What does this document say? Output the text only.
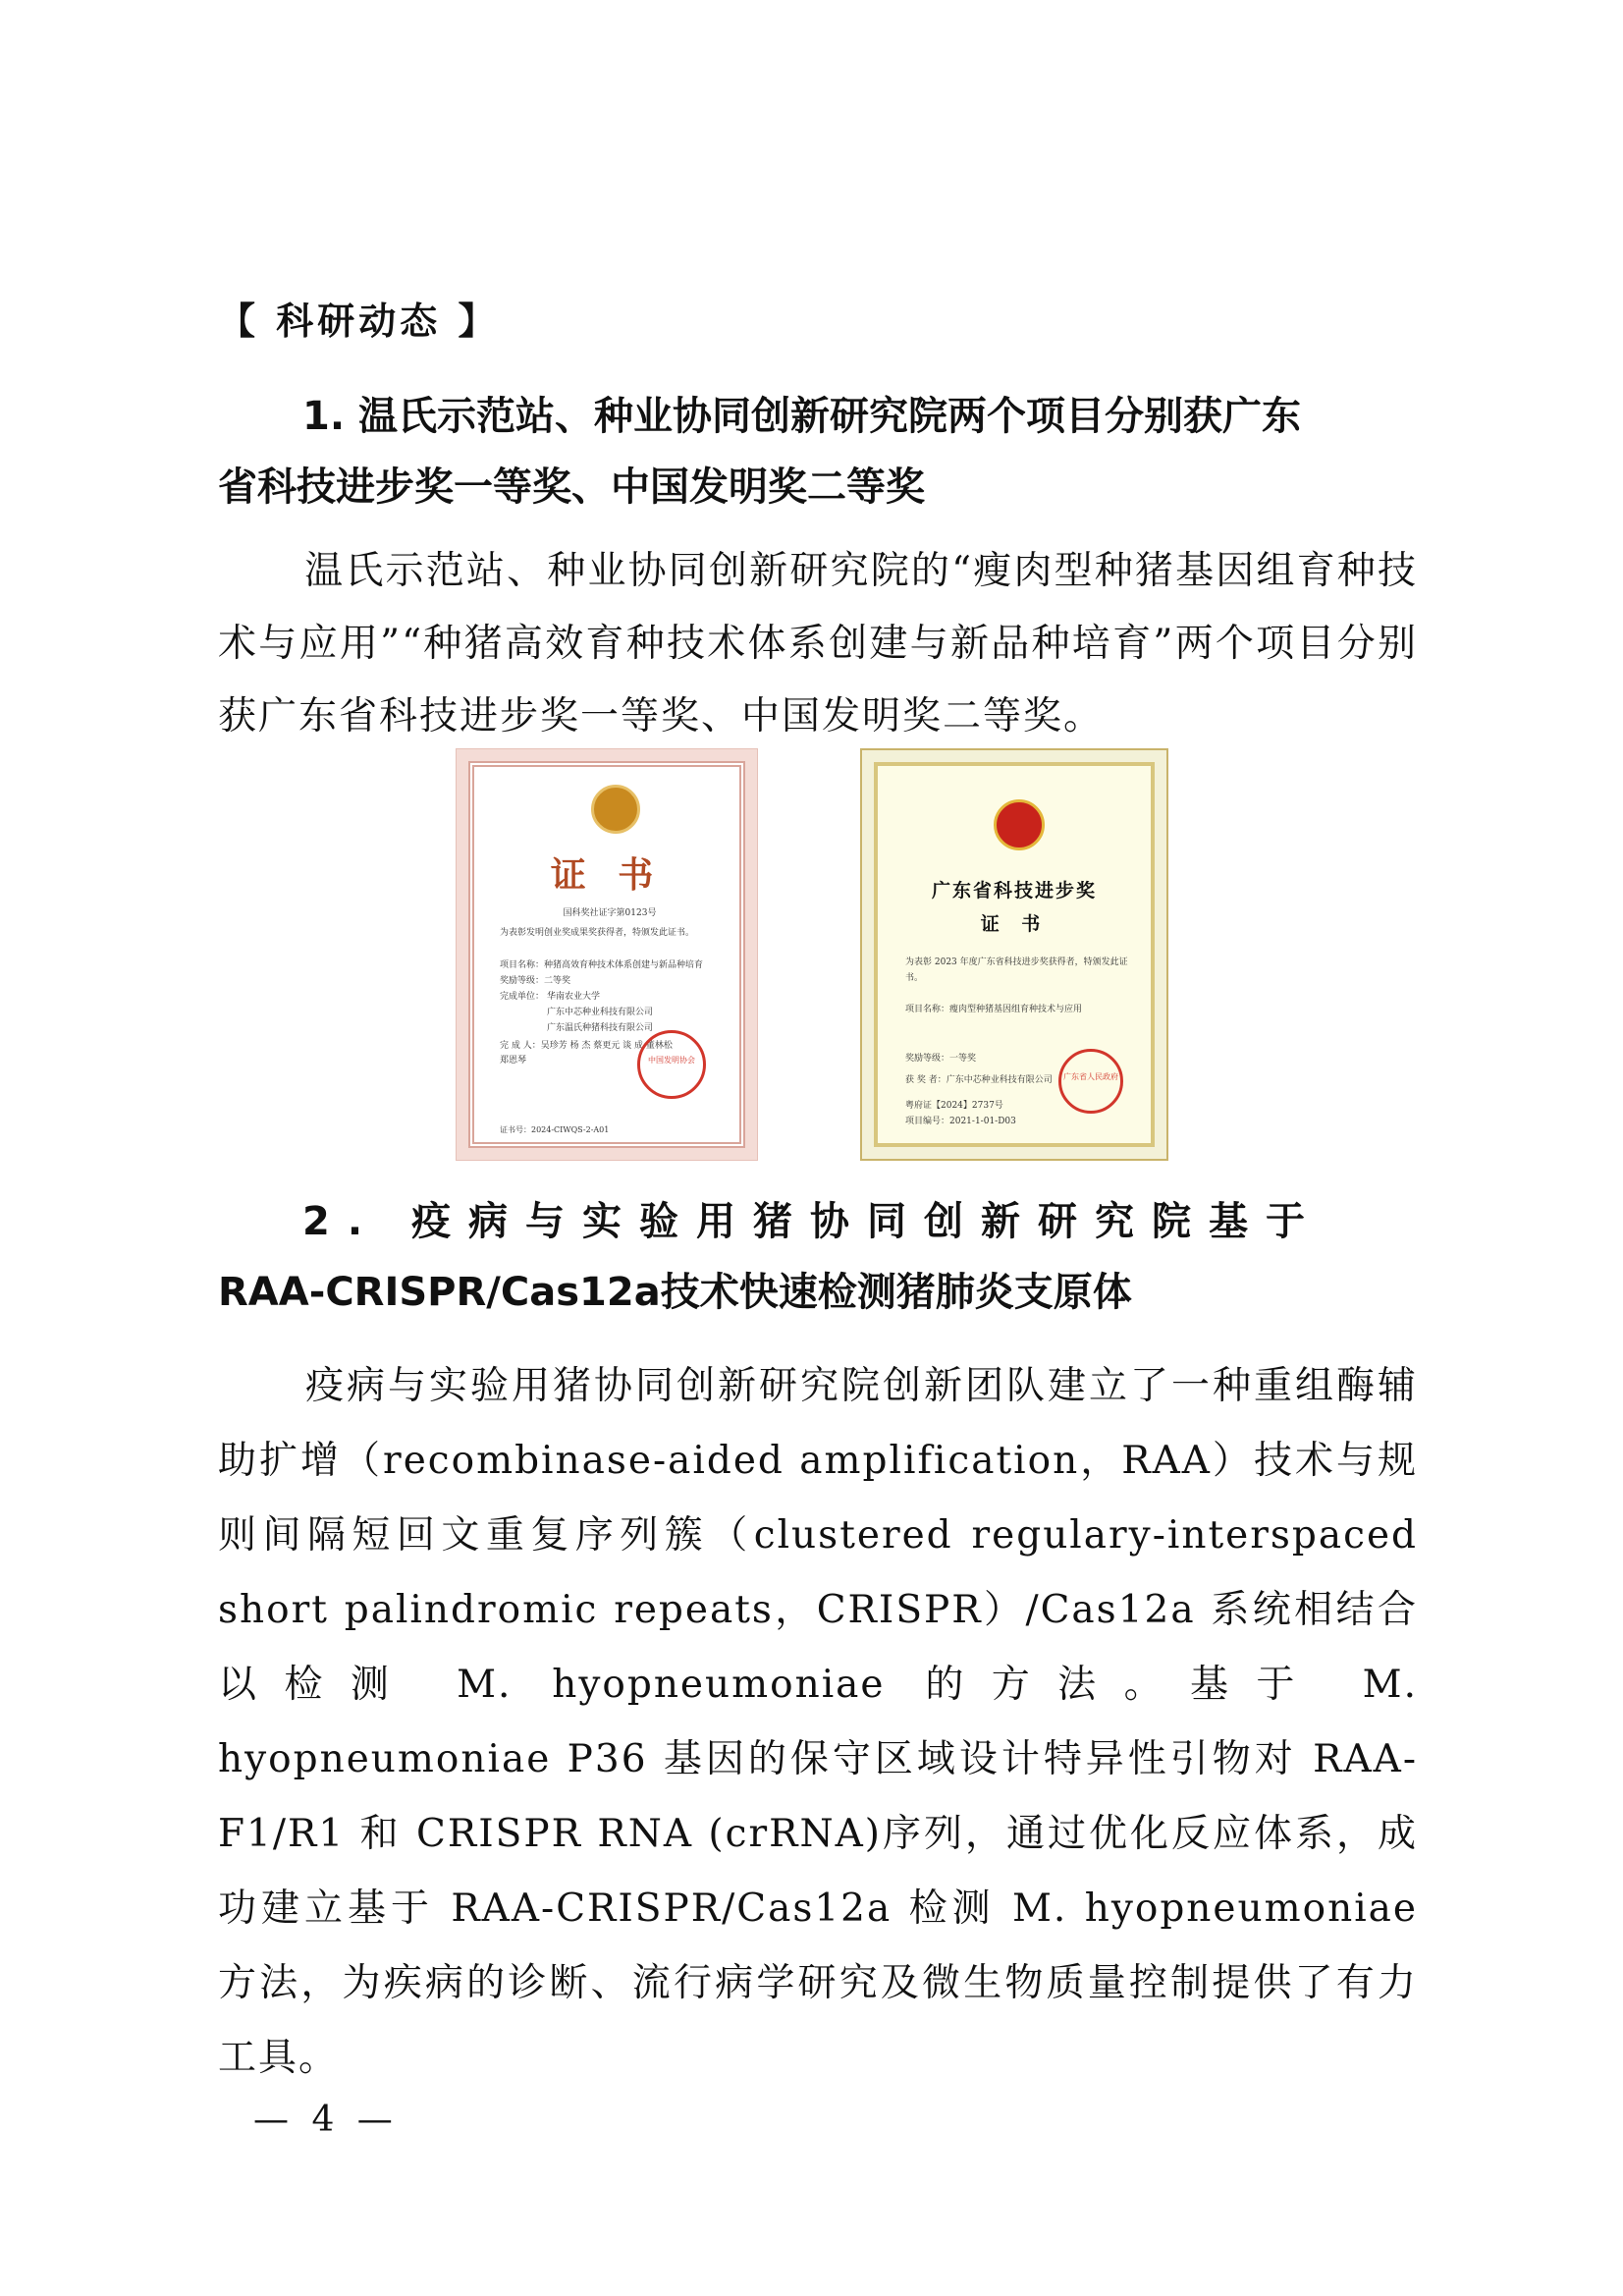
【 科研动态 】
1. 温氏示范站、种业协同创新研究院两个项目分别获广东
省科技进步奖一等奖、中国发明奖二等奖
温氏示范站、种业协同创新研究院的“瘦肉型种猪基因组育种技术与应用”“种猪高效育种技术体系创建与新品种培育”两个项目分别获广东省科技进步奖一等奖、中国发明奖二等奖。
证 书
国科奖社证字第0123号
为表彰发明创业奖成果奖获得者，特颁发此证书。
项目名称：种猪高效育种技术体系创建与新品种培育
奖励等级：二等奖
完成单位： 华南农业大学
广东中芯种业科技有限公司
广东温氏种猪科技有限公司
完 成 人：吴珍芳 杨 杰 蔡更元 谈 成 董林松 郑恩琴
证书号：2024-CIWQS-2-A01
中国发明协会
广东省科技进步奖
证 书
为表彰 2023 年度广东省科技进步奖获得者，特颁发此证书。
项目名称：瘦肉型种猪基因组育种技术与应用
奖励等级：一等奖
获 奖 者：广东中芯种业科技有限公司
粤府证【2024】2737号
项目编号：2021-1-01-D03
广东省人民政府
2. 疫病与实验用猪协同创新研究院基于
RAA-CRISPR/Cas12a技术快速检测猪肺炎支原体
疫病与实验用猪协同创新研究院创新团队建立了一种重组酶辅助扩增（recombinase-aided amplification，RAA）技术与规则间隔短回文重复序列簇（clustered regulary-interspaced short palindromic repeats，CRISPR）/Cas12a 系统相结合以检测 M. hyopneumoniae 的方法。基于 M. hyopneumoniae P36 基因的保守区域设计特异性引物对 RAA-F1/R1 和 CRISPR RNA (crRNA)序列，通过优化反应体系，成功建立基于 RAA-CRISPR/Cas12a 检测 M. hyopneumoniae 方法，为疾病的诊断、流行病学研究及微生物质量控制提供了有力工具。
— 4 —
